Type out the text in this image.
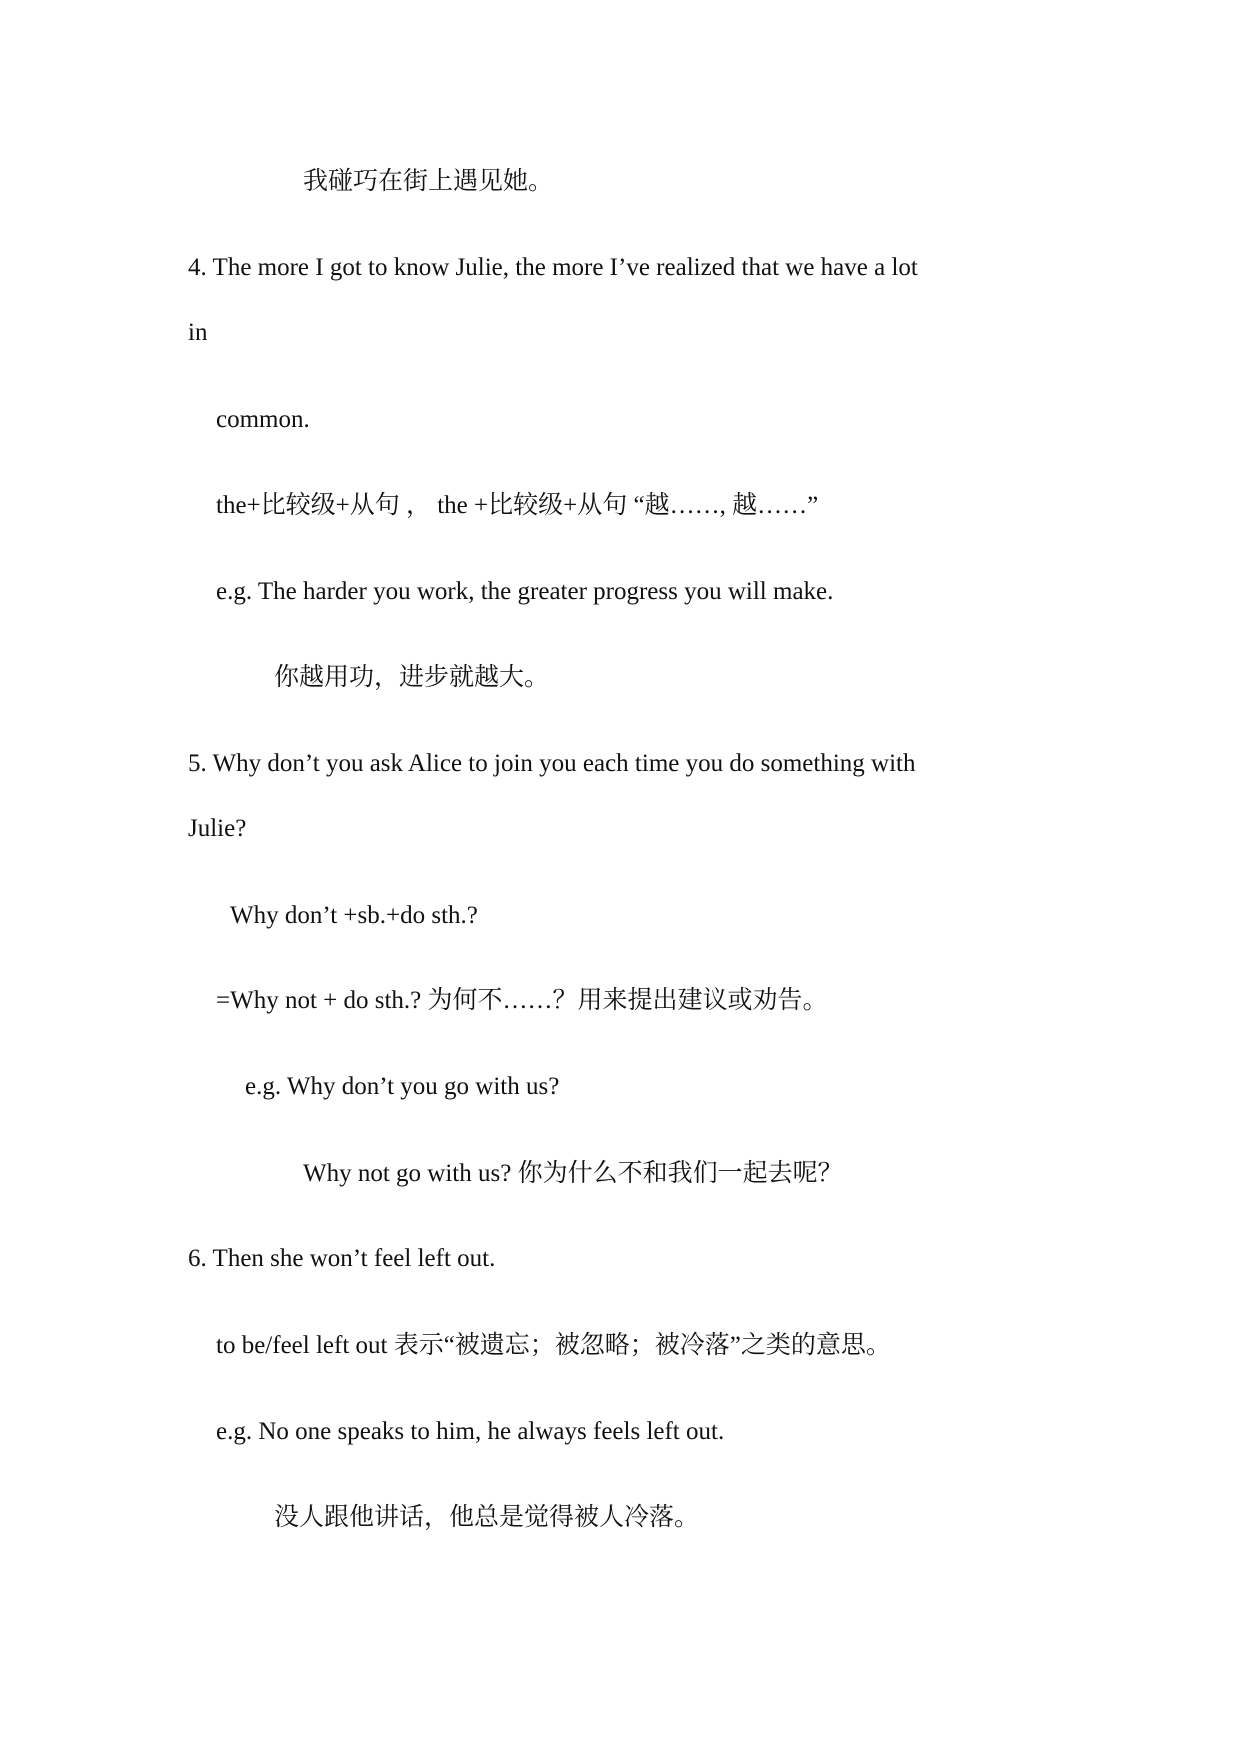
我碰巧在街上遇见她。
4. The more I got to know Julie, the more I’ve realized that we have a lot
in
common.
the+比较级+从句 ， the +比较级+从句 “越……, 越……”
e.g. The harder you work, the greater progress you will make.
你越用功，进步就越大。
5. Why don’t you ask Alice to join you each time you do something with
Julie?
Why don’t +sb.+do sth.?
=Why not + do sth.? 为何不……？用来提出建议或劝告。
e.g. Why don’t you go with us?
Why not go with us? 你为什么不和我们一起去呢？
6. Then she won’t feel left out.
to be/feel left out 表示“被遗忘；被忽略；被冷落”之类的意思。
e.g. No one speaks to him, he always feels left out.
没人跟他讲话，他总是觉得被人冷落。
